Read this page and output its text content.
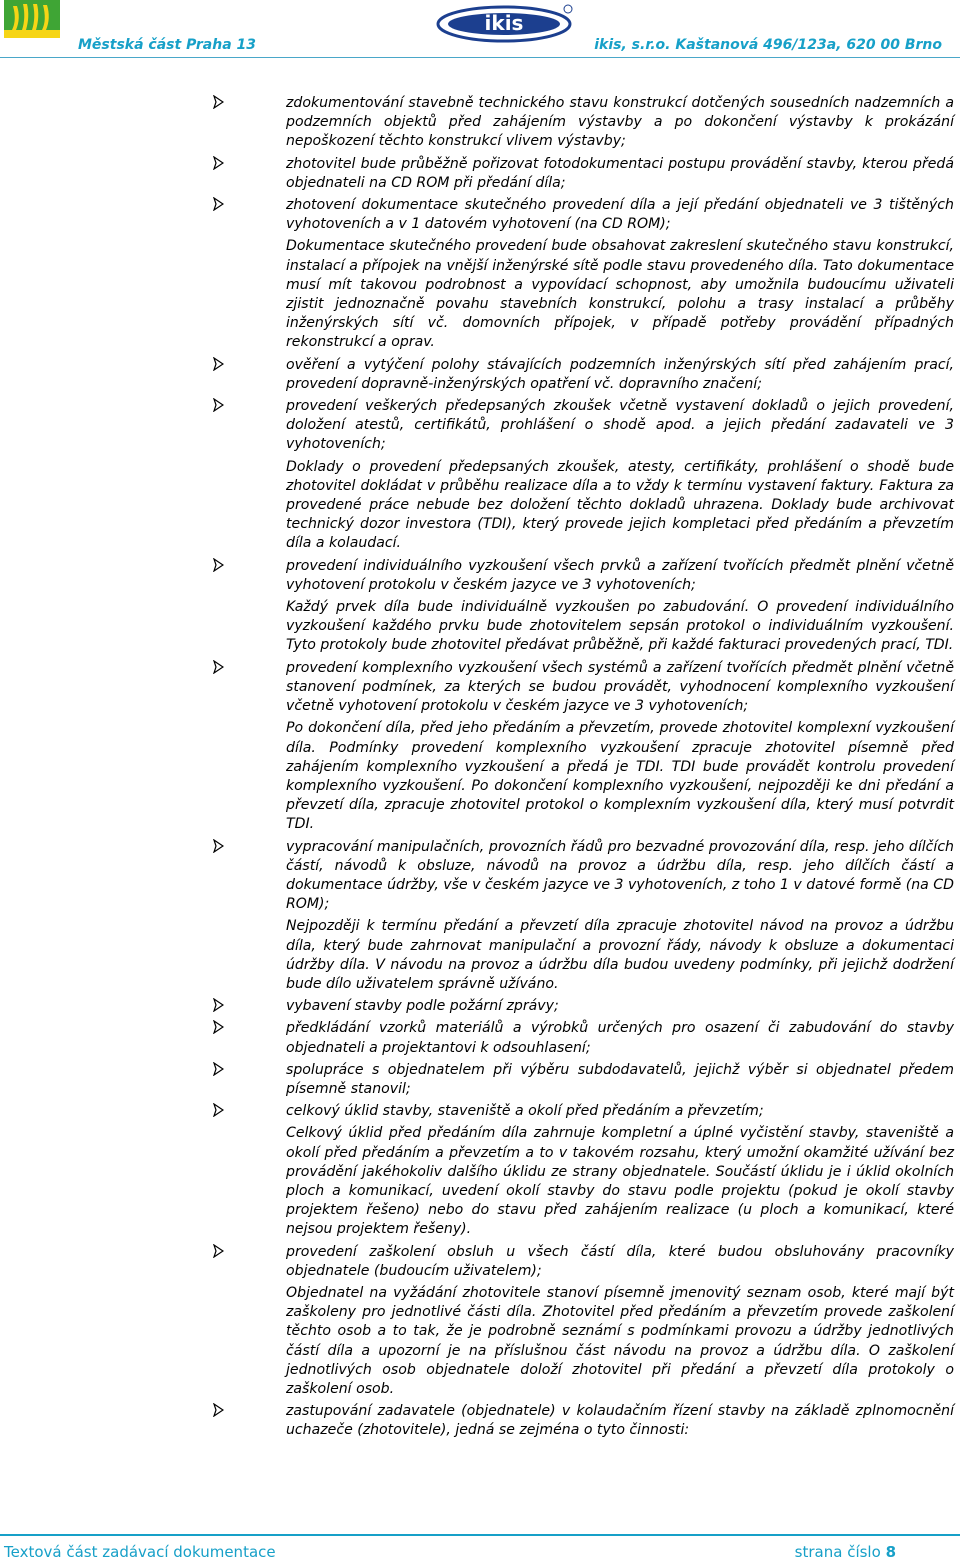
ikis
Městská část Praha 13	ikis, s.r.o. Kaštanová 496/123a, 620 00 Brno

zdokumentování stavebně technického stavu konstrukcí dotčených sousedních nadzemních a podzemních objektů před zahájením výstavby a po dokončení výstavby k prokázání nepoškození těchto konstrukcí vlivem výstavby;

zhotovitel bude průběžně pořizovat fotodokumentaci postupu provádění stavby, kterou předá objednateli na CD ROM při předání díla;

zhotovení dokumentace skutečného provedení díla a její předání objednateli ve 3 tištěných vyhotoveních a v 1 datovém vyhotovení (na CD ROM);

Dokumentace skutečného provedení bude obsahovat zakreslení skutečného stavu konstrukcí, instalací a přípojek na vnější inženýrské sítě podle stavu provedeného díla. Tato dokumentace musí mít takovou podrobnost a vypovídací schopnost, aby umožnila budoucímu uživateli zjistit jednoznačně povahu stavebních konstrukcí, polohu a trasy instalací a průběhy inženýrských sítí vč. domovních přípojek, v případě potřeby provádění případných rekonstrukcí a oprav.

ověření a vytýčení polohy stávajících podzemních inženýrských sítí před zahájením prací, provedení dopravně-inženýrských opatření vč. dopravního značení;

provedení veškerých předepsaných zkoušek včetně vystavení dokladů o jejich provedení, doložení atestů, certifikátů, prohlášení o shodě apod. a jejich předání zadavateli ve 3 vyhotoveních;

Doklady o provedení předepsaných zkoušek, atesty, certifikáty, prohlášení o shodě bude zhotovitel dokládat v průběhu realizace díla a to vždy k termínu vystavení faktury. Faktura za provedené práce nebude bez doložení těchto dokladů uhrazena. Doklady bude archivovat technický dozor investora (TDI), který provede jejich kompletaci před předáním a převzetím díla a kolaudací.

provedení individuálního vyzkoušení všech prvků a zařízení tvořících předmět plnění včetně vyhotovení protokolu v českém jazyce ve 3 vyhotoveních;

Každý prvek díla bude individuálně vyzkoušen po zabudování. O provedení individuálního vyzkoušení každého prvku bude zhotovitelem sepsán protokol o individuálním vyzkoušení. Tyto protokoly bude zhotovitel předávat průběžně, při každé fakturaci provedených prací, TDI.

provedení komplexního vyzkoušení všech systémů a zařízení tvořících předmět plnění včetně stanovení podmínek, za kterých se budou provádět, vyhodnocení komplexního vyzkoušení včetně vyhotovení protokolu v českém jazyce ve 3 vyhotoveních;

Po dokončení díla, před jeho předáním a převzetím, provede zhotovitel komplexní vyzkoušení díla. Podmínky provedení komplexního vyzkoušení zpracuje zhotovitel písemně před zahájením komplexního vyzkoušení a předá je TDI. TDI bude provádět kontrolu provedení komplexního vyzkoušení. Po dokončení komplexního vyzkoušení, nejpozději ke dni předání a převzetí díla, zpracuje zhotovitel protokol o komplexním vyzkoušení díla, který musí potvrdit TDI.

vypracování manipulačních, provozních řádů pro bezvadné provozování díla, resp. jeho dílčích částí, návodů k obsluze, návodů na provoz a údržbu díla, resp. jeho dílčích částí a dokumentace údržby, vše v českém jazyce ve 3 vyhotoveních, z toho 1 v datové formě (na CD ROM);

Nejpozději k termínu předání a převzetí díla zpracuje zhotovitel návod na provoz a údržbu díla, který bude zahrnovat manipulační a provozní řády, návody k obsluze a dokumentaci údržby díla. V návodu na provoz a údržbu díla budou uvedeny podmínky, při jejichž dodržení bude dílo uživatelem správně užíváno.

vybavení stavby podle požární zprávy;

předkládání vzorků materiálů a výrobků určených pro osazení či zabudování do stavby objednateli a projektantovi k odsouhlasení;

spolupráce s objednatelem při výběru subdodavatelů, jejichž výběr si objednatel předem písemně stanovil;

celkový úklid stavby, staveniště a okolí před předáním a převzetím;

Celkový úklid před předáním díla zahrnuje kompletní a úplné vyčistění stavby, staveniště a okolí před předáním a převzetím a to v takovém rozsahu, který umožní okamžité užívání bez provádění jakéhokoliv dalšího úklidu ze strany objednatele. Součástí úklidu je i úklid okolních ploch a komunikací, uvedení okolí stavby do stavu podle projektu (pokud je okolí stavby projektem řešeno) nebo do stavu před zahájením realizace (u ploch a komunikací, které nejsou projektem řešeny).

provedení zaškolení obsluh u všech částí díla, které budou obsluhovány pracovníky objednatele (budoucím uživatelem);

Objednatel na vyžádání zhotovitele stanoví písemně jmenovitý seznam osob, které mají být zaškoleny pro jednotlivé části díla. Zhotovitel před předáním a převzetím provede zaškolení těchto osob a to tak, že je podrobně seznámí s podmínkami provozu a údržby jednotlivých částí díla a upozorní je na příslušnou část návodu na provoz a údržbu díla. O zaškolení jednotlivých osob objednatele doloží zhotovitel při předání a převzetí díla protokoly o zaškolení osob.

zastupování zadavatele (objednatele) v kolaudačním řízení stavby na základě zplnomocnění uchazeče (zhotovitele), jedná se zejména o tyto činnosti:

Textová část zadávací dokumentace	strana číslo 8
